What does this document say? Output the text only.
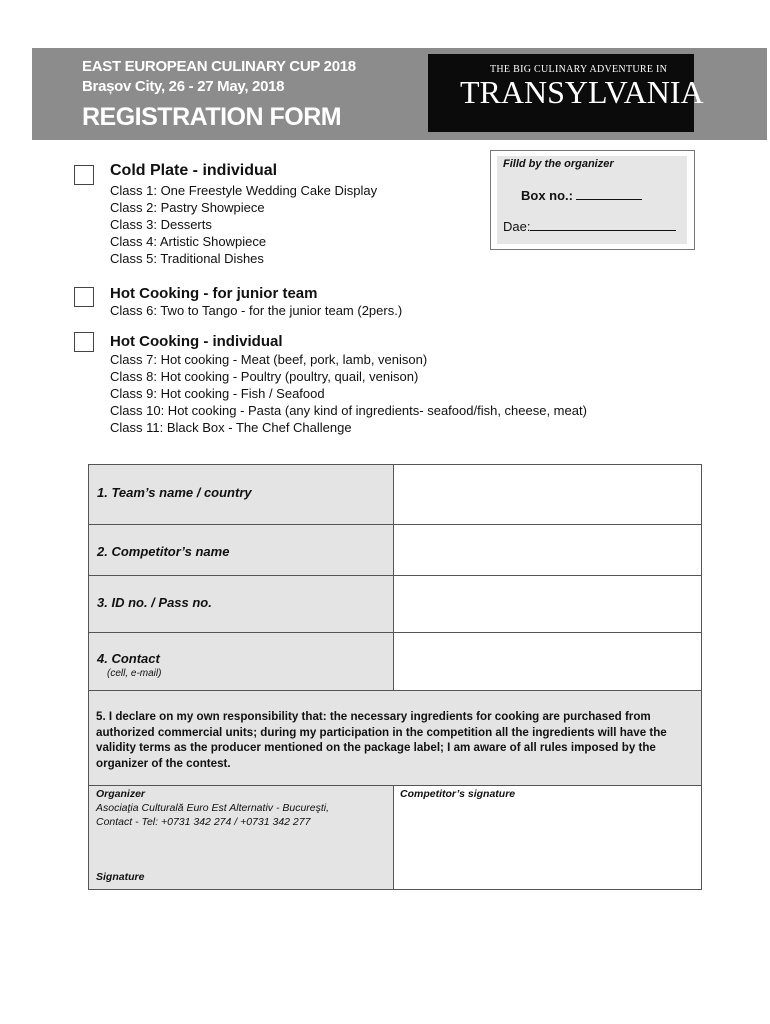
EAST EUROPEAN CULINARY CUP 2018
Brașov City, 26 - 27 May, 2018
REGISTRATION FORM
THE BIG CULINARY ADVENTURE IN
TRANSYLVANIA
Cold Plate - individual
Class 1: One Freestyle Wedding Cake Display
Class 2: Pastry Showpiece
Class 3: Desserts
Class 4: Artistic Showpiece
Class 5: Traditional Dishes
Filld by the organizer
Box no.:
Dae:
Hot Cooking - for junior team
Class 6: Two to Tango - for the junior team (2pers.)
Hot Cooking - individual
Class 7: Hot cooking - Meat (beef, pork, lamb, venison)
Class 8: Hot cooking - Poultry (poultry, quail, venison)
Class 9: Hot cooking - Fish / Seafood
Class 10: Hot cooking - Pasta (any kind of ingredients- seafood/fish, cheese, meat)
Class 11: Black Box - The Chef Challenge
1. Team’s name / country
2. Competitor’s name
3. ID no. / Pass no.
4. Contact
(cell, e-mail)
5. I declare on my own responsibility that: the necessary ingredients for cooking are purchased from authorized commercial units; during my participation in the competition all the ingredients will have the validity terms as the producer mentioned on the package label; I am aware of all rules imposed by the organizer of the contest.
Organizer
Asociaţia Culturală Euro Est Alternativ - Bucureşti,
Contact - Tel: +0731 342 274 / +0731 342 277
Signature
Competitor’s signature
